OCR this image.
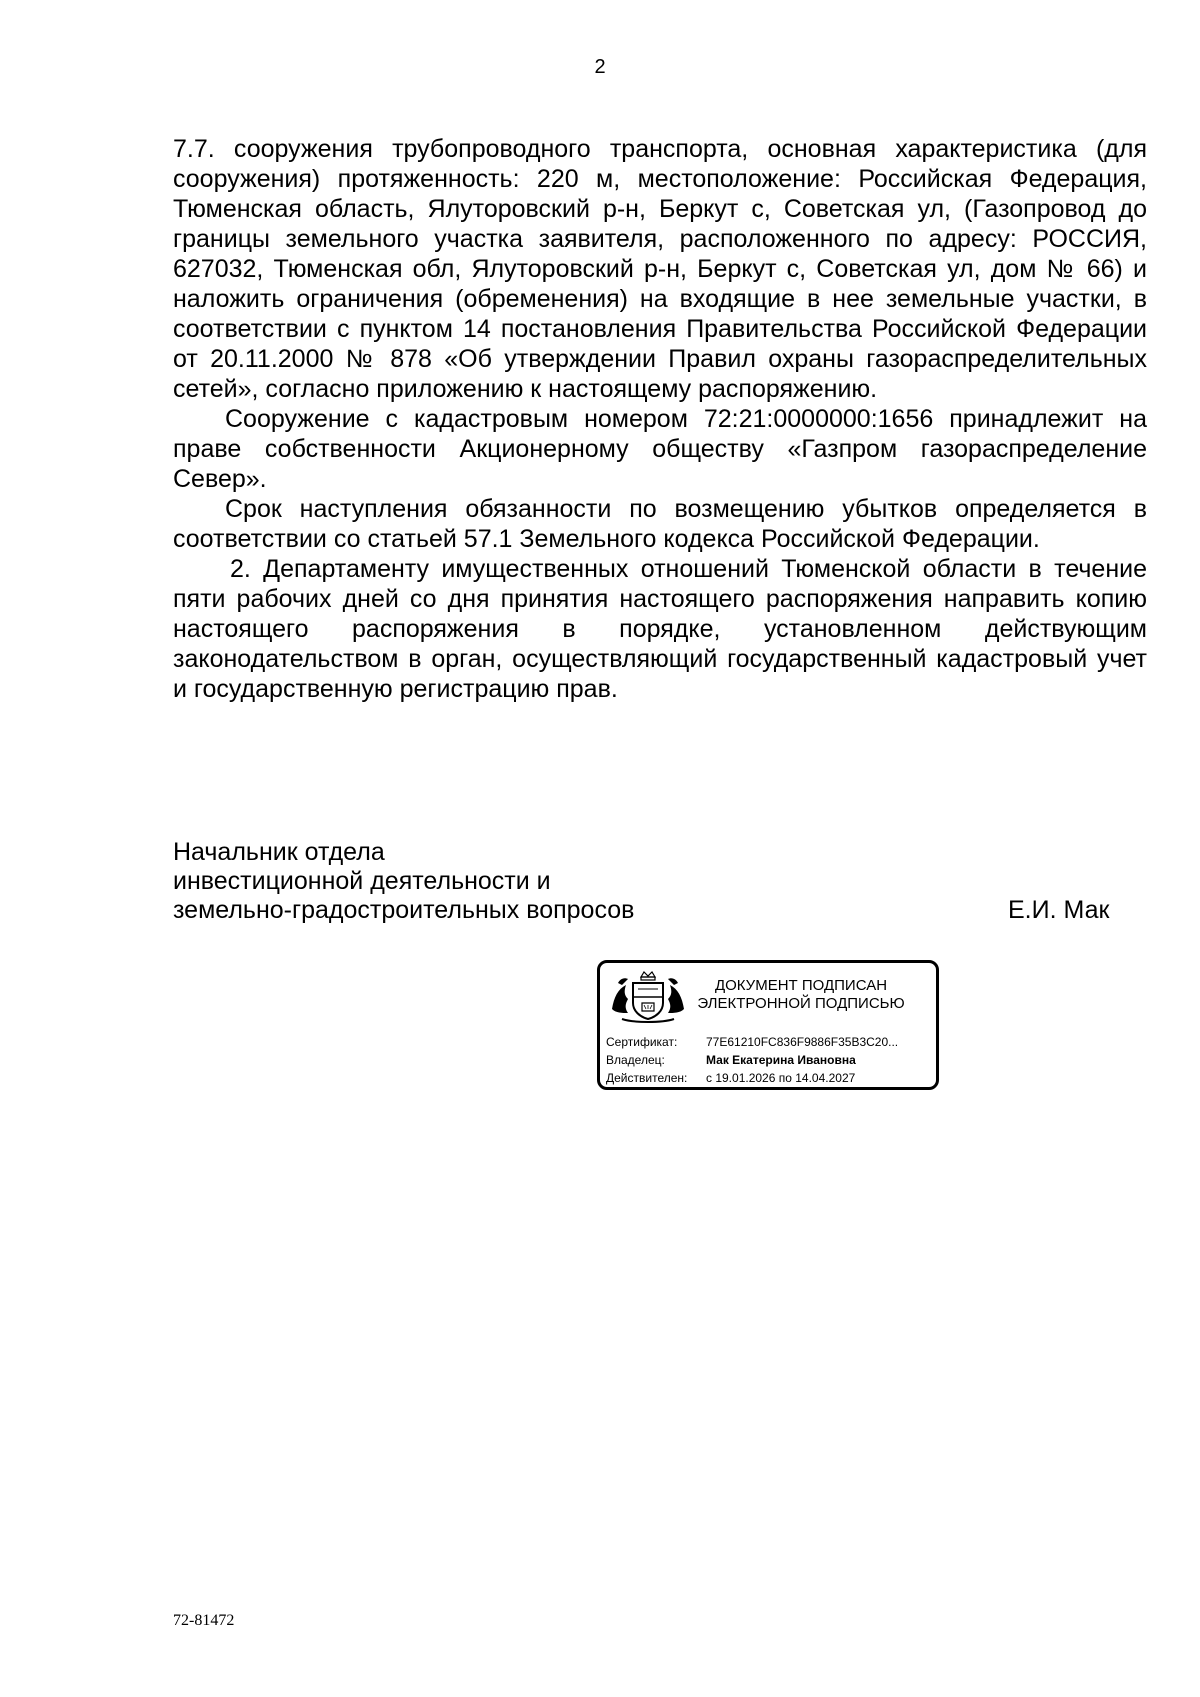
2

7.7. сооружения трубопроводного транспорта, основная характеристика (для сооружения) протяженность: 220 м, местоположение: Российская Федерация, Тюменская область, Ялуторовский р-н, Беркут с, Советская ул, (Газопровод до границы земельного участка заявителя, расположенного по адресу: РОССИЯ, 627032, Тюменская обл, Ялуторовский р-н, Беркут с, Советская ул, дом № 66) и наложить ограничения (обременения) на входящие в нее земельные участки, в соответствии с пунктом 14 постановления Правительства Российской Федерации от 20.11.2000 № 878 «Об утверждении Правил охраны газораспределительных сетей», согласно приложению к настоящему распоряжению.

Сооружение с кадастровым номером 72:21:0000000:1656 принадлежит на праве собственности Акционерному обществу «Газпром газораспределение Север».

Срок наступления обязанности по возмещению убытков определяется в соответствии со статьей 57.1 Земельного кодекса Российской Федерации.

2. Департаменту имущественных отношений Тюменской области в течение пяти рабочих дней со дня принятия настоящего распоряжения направить копию настоящего распоряжения в порядке, установленном действующим законодательством в орган, осуществляющий государственный кадастровый учет и государственную регистрацию прав.

Начальник отдела
инвестиционной деятельности и
земельно-градостроительных вопросов	Е.И. Мак
ДОКУМЕНТ ПОДПИСАН
ЭЛЕКТРОННОЙ ПОДПИСЬЮ
Сертификат: 77E61210FC836F9886F35B3C20...
Владелец:	Мак Екатерина Ивановна
Действителен: с 19.01.2026 по 14.04.2027
72-81472
